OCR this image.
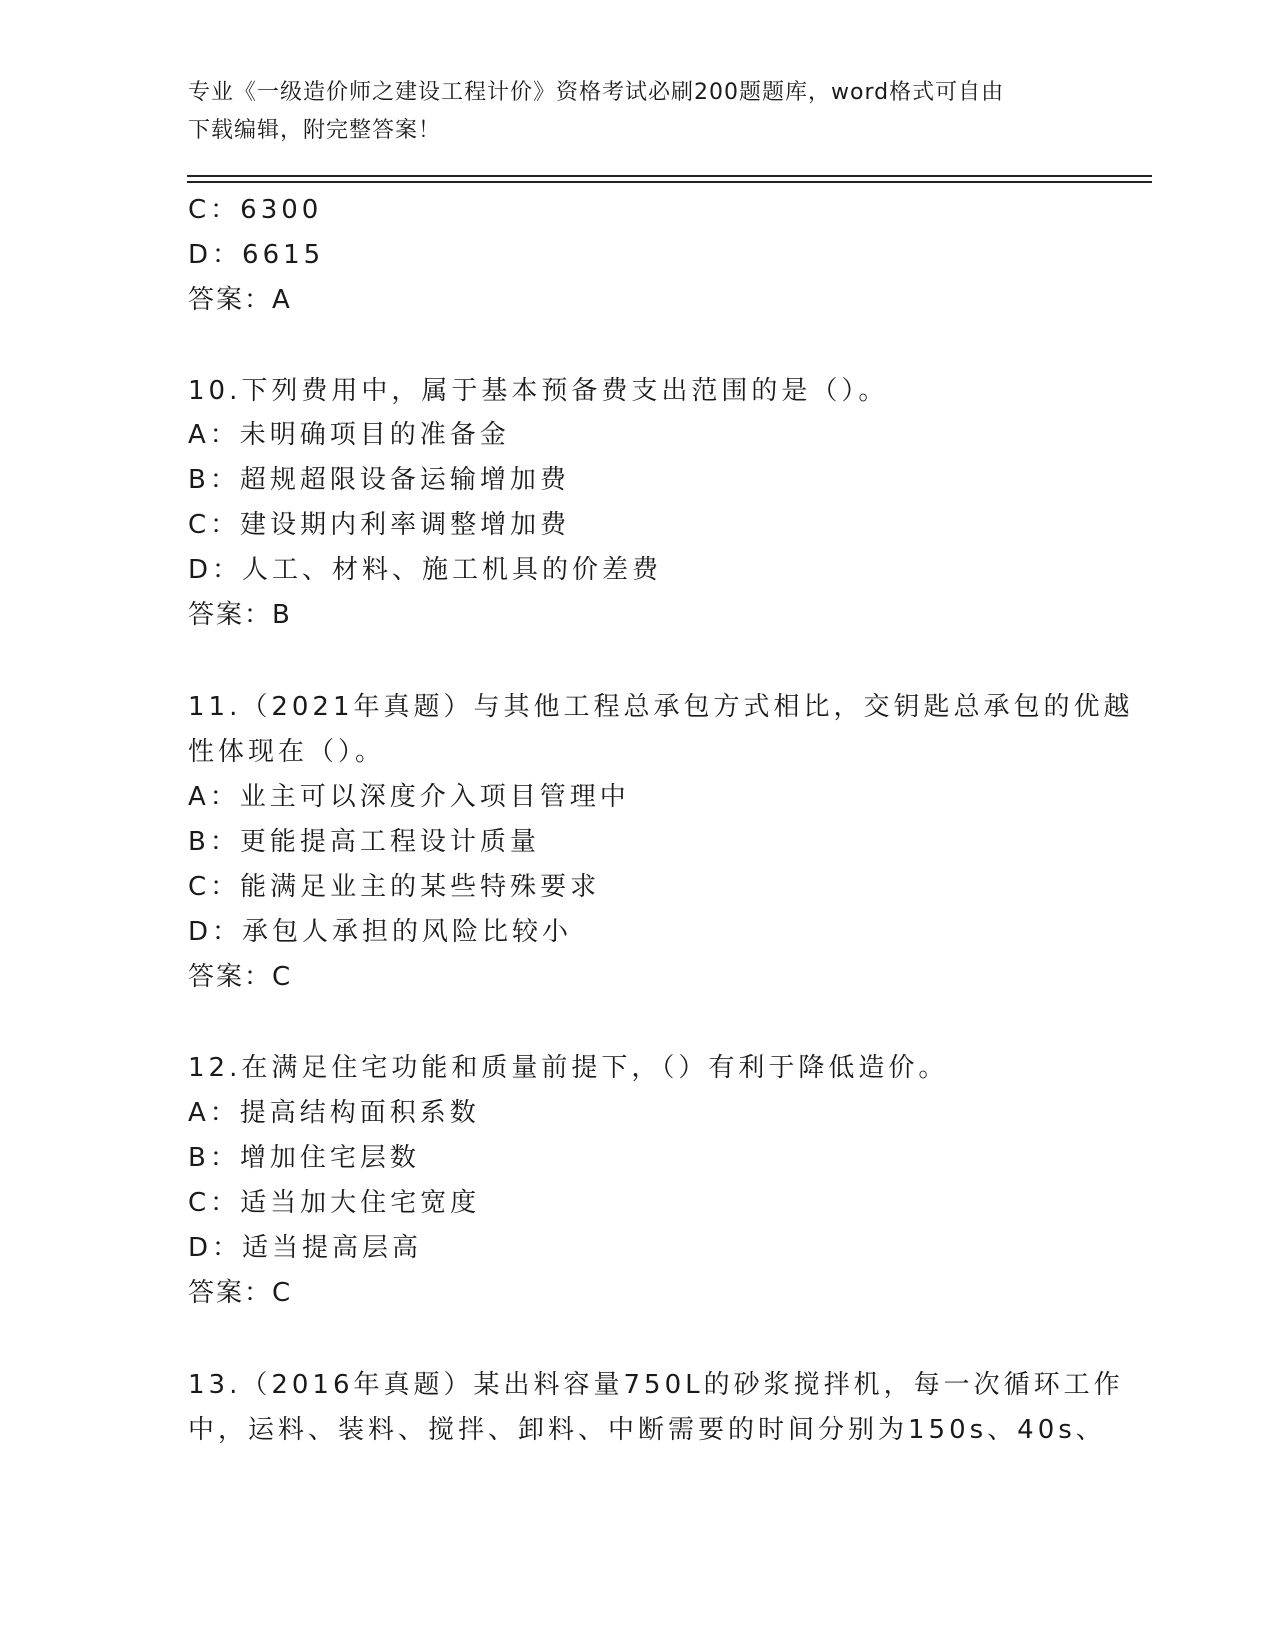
专业《一级造价师之建设工程计价》资格考试必刷200题题库，word格式可自由
下载编辑，附完整答案！
C：6300
D：6615
答案：A
10.下列费用中，属于基本预备费支出范围的是（）。
A：未明确项目的准备金
B：超规超限设备运输增加费
C：建设期内利率调整增加费
D：人工、材料、施工机具的价差费
答案：B
11.（2021年真题）与其他工程总承包方式相比，交钥匙总承包的优越
性体现在（）。
A：业主可以深度介入项目管理中
B：更能提高工程设计质量
C：能满足业主的某些特殊要求
D：承包人承担的风险比较小
答案：C
12.在满足住宅功能和质量前提下，（）有利于降低造价。
A：提高结构面积系数
B：增加住宅层数
C：适当加大住宅宽度
D：适当提高层高
答案：C
13.（2016年真题）某出料容量750L的砂浆搅拌机，每一次循环工作
中，运料、装料、搅拌、卸料、中断需要的时间分别为150s、40s、
